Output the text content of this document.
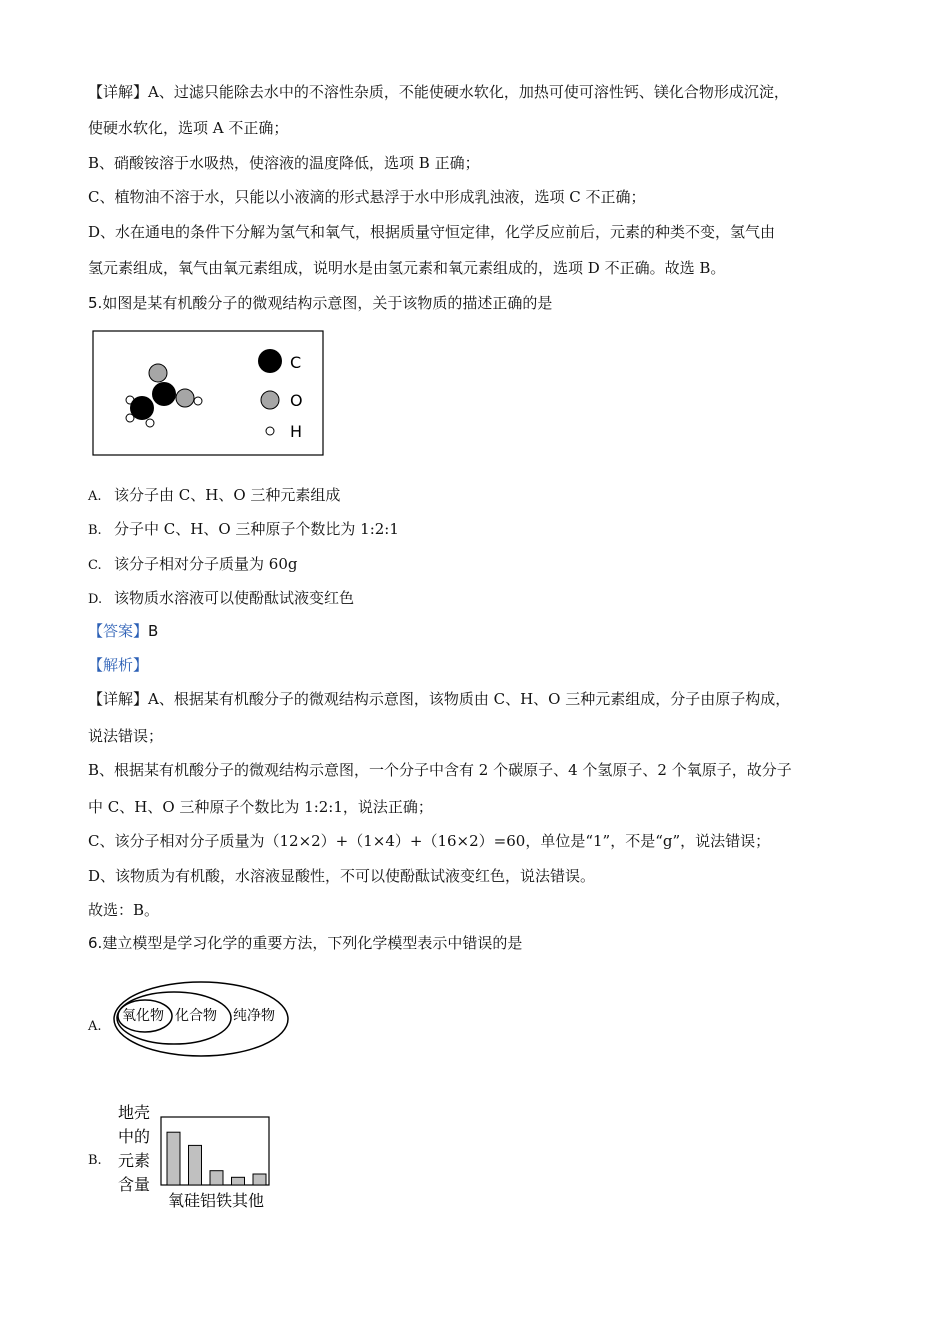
【详解】A、过滤只能除去水中的不溶性杂质，不能使硬水软化，加热可使可溶性钙、镁化合物形成沉淀，
使硬水软化，选项 A 不正确；
B、硝酸铵溶于水吸热，使溶液的温度降低，选项 B 正确；
C、植物油不溶于水，只能以小液滴的形式悬浮于水中形成乳浊液，选项 C 不正确；
D、水在通电的条件下分解为氢气和氧气，根据质量守恒定律，化学反应前后，元素的种类不变，氢气由
氢元素组成，氧气由氧元素组成，说明水是由氢元素和氧元素组成的，选项 D 不正确。故选 B。
5.如图是某有机酸分子的微观结构示意图，关于该物质的描述正确的是
C
O
H
A. 该分子由 C、H、O 三种元素组成
B. 分子中 C、H、O 三种原子个数比为 1:2:1
C. 该分子相对分子质量为 60g
D. 该物质水溶液可以使酚酞试液变红色
【答案】B
【解析】
【详解】A、根据某有机酸分子的微观结构示意图，该物质由 C、H、O 三种元素组成，分子由原子构成，
说法错误；
B、根据某有机酸分子的微观结构示意图，一个分子中含有 2 个碳原子、4 个氢原子、2 个氧原子，故分子
中 C、H、O 三种原子个数比为 1:2:1，说法正确；
C、该分子相对分子质量为（12×2）+（1×4）+（16×2）=60，单位是“1”，不是“g”，说法错误；
D、该物质为有机酸，水溶液显酸性，不可以使酚酞试液变红色，说法错误。
故选：B。
6.建立模型是学习化学的重要方法，下列化学模型表示中错误的是
A.
氧化物 化合物 纯净物
B.
地壳
中的
元素
含量
氧硅铝铁其他
